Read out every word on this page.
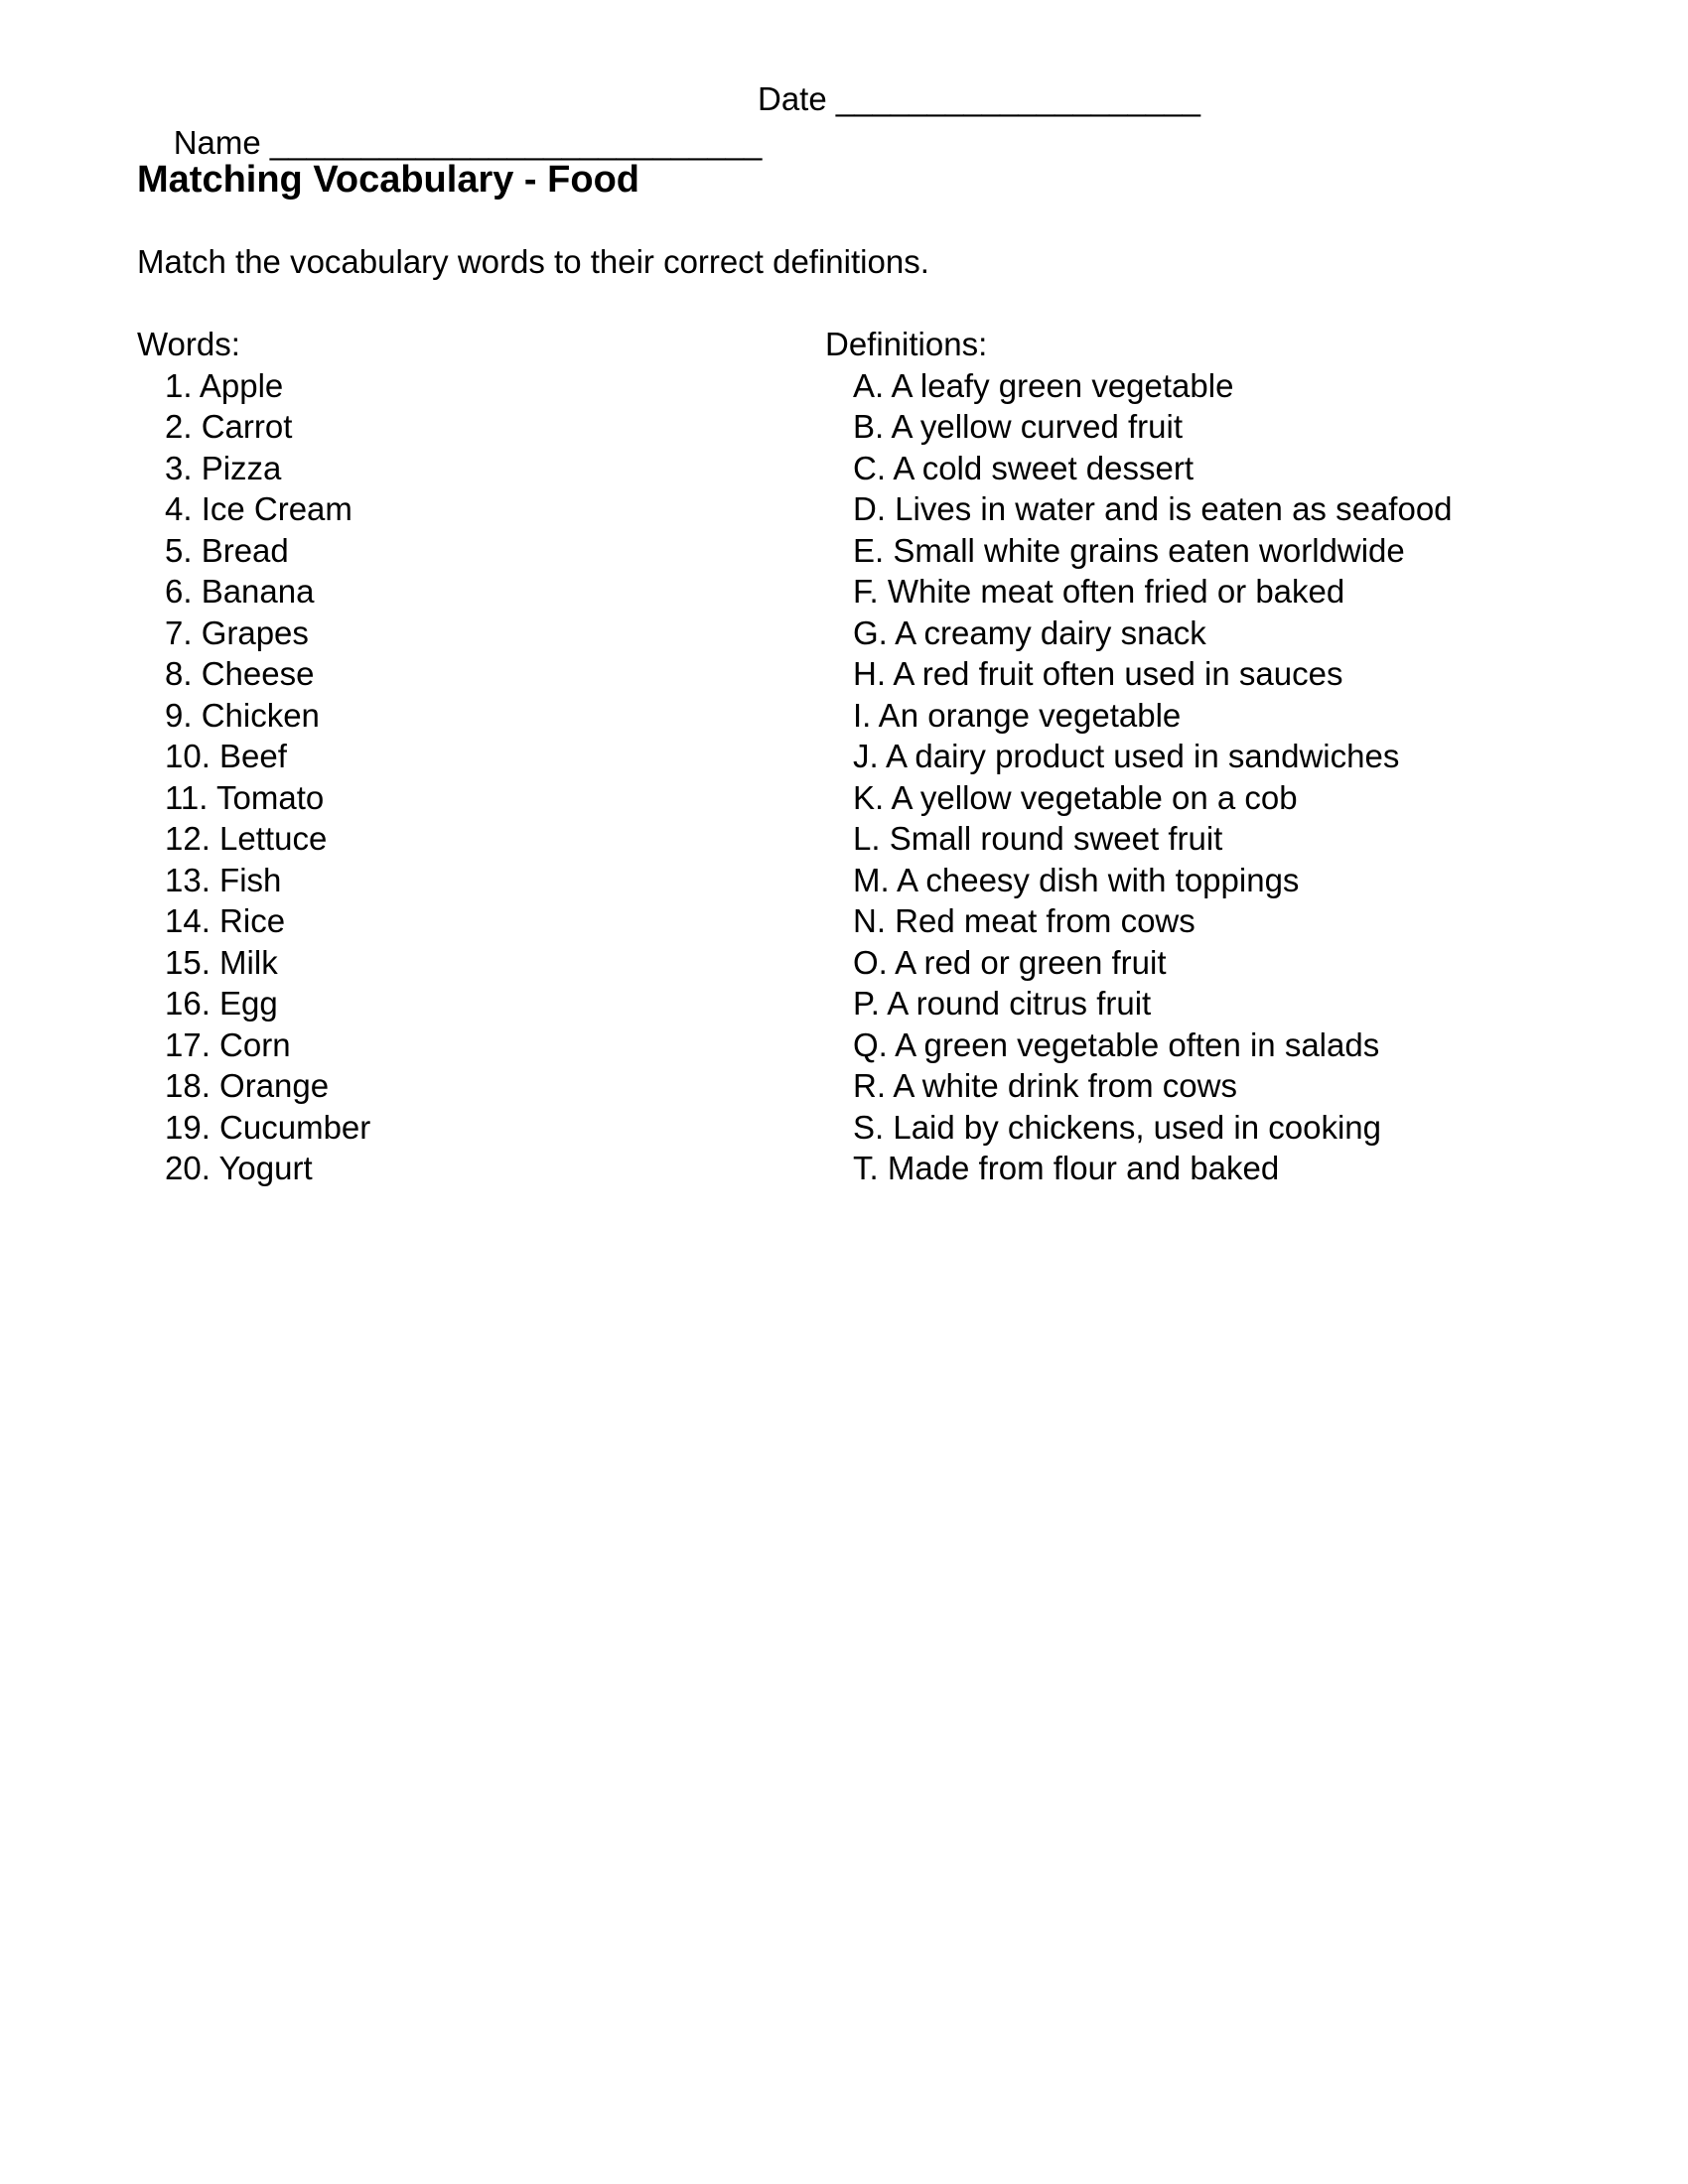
Name ___________________________

Date ____________________

Matching Vocabulary - Food
Match the vocabulary words to their correct definitions.
Words:
1. Apple
2. Carrot
3. Pizza
4. Ice Cream
5. Bread
6. Banana
7. Grapes
8. Cheese
9. Chicken
10. Beef
11. Tomato
12. Lettuce
13. Fish
14. Rice
15. Milk
16. Egg
17. Corn
18. Orange
19. Cucumber
20. Yogurt
Definitions:
A. A leafy green vegetable
B. A yellow curved fruit
C. A cold sweet dessert
D. Lives in water and is eaten as seafood
E. Small white grains eaten worldwide
F. White meat often fried or baked
G. A creamy dairy snack
H. A red fruit often used in sauces
I. An orange vegetable
J. A dairy product used in sandwiches
K. A yellow vegetable on a cob
L. Small round sweet fruit
M. A cheesy dish with toppings
N. Red meat from cows
O. A red or green fruit
P. A round citrus fruit
Q. A green vegetable often in salads
R. A white drink from cows
S. Laid by chickens, used in cooking
T. Made from flour and baked
